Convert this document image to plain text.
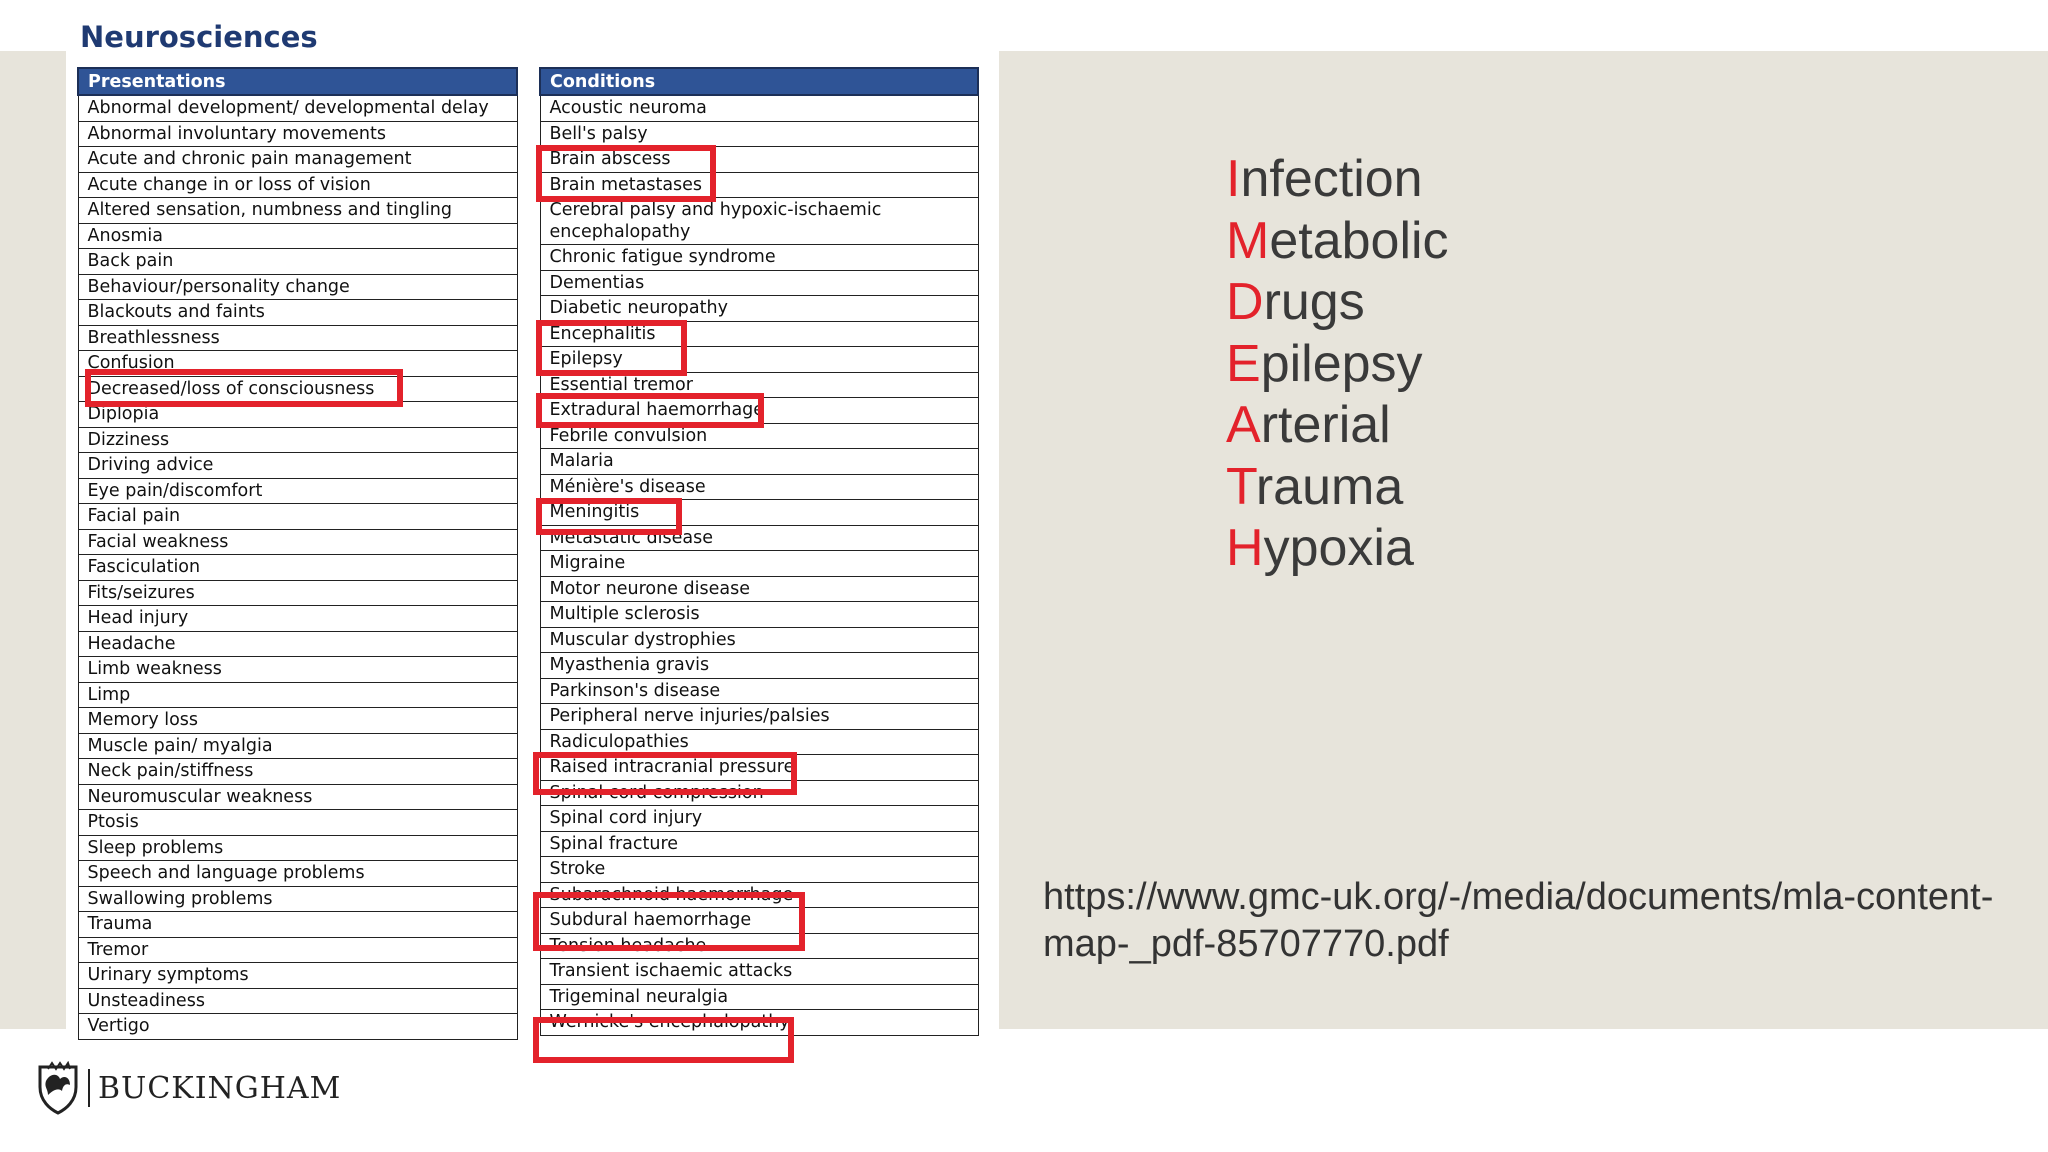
Neurosciences
Presentations
Abnormal development/ developmental delay
Abnormal involuntary movements
Acute and chronic pain management
Acute change in or loss of vision
Altered sensation, numbness and tingling
Anosmia
Back pain
Behaviour/personality change
Blackouts and faints
Breathlessness
Confusion
Decreased/loss of consciousness
Diplopia
Dizziness
Driving advice
Eye pain/discomfort
Facial pain
Facial weakness
Fasciculation
Fits/seizures
Head injury
Headache
Limb weakness
Limp
Memory loss
Muscle pain/ myalgia
Neck pain/stiffness
Neuromuscular weakness
Ptosis
Sleep problems
Speech and language problems
Swallowing problems
Trauma
Tremor
Urinary symptoms
Unsteadiness
Vertigo
Conditions
Acoustic neuroma
Bell's palsy
Brain abscess
Brain metastases
Cerebral palsy and hypoxic-ischaemic encephalopathy
Chronic fatigue syndrome
Dementias
Diabetic neuropathy
Encephalitis
Epilepsy
Essential tremor
Extradural haemorrhage
Febrile convulsion
Malaria
Ménière's disease
Meningitis
Metastatic disease
Migraine
Motor neurone disease
Multiple sclerosis
Muscular dystrophies
Myasthenia gravis
Parkinson's disease
Peripheral nerve injuries/palsies
Radiculopathies
Raised intracranial pressure
Spinal cord compression
Spinal cord injury
Spinal fracture
Stroke
Subarachnoid haemorrhage
Subdural haemorrhage
Tension headache
Transient ischaemic attacks
Trigeminal neuralgia
Wernicke's encephalopathy
Infection
Metabolic
Drugs
Epilepsy
Arterial
Trauma
Hypoxia
https://www.gmc-uk.org/-/media/documents/mla-content-map-_pdf-85707770.pdf
BUCKINGHAM
